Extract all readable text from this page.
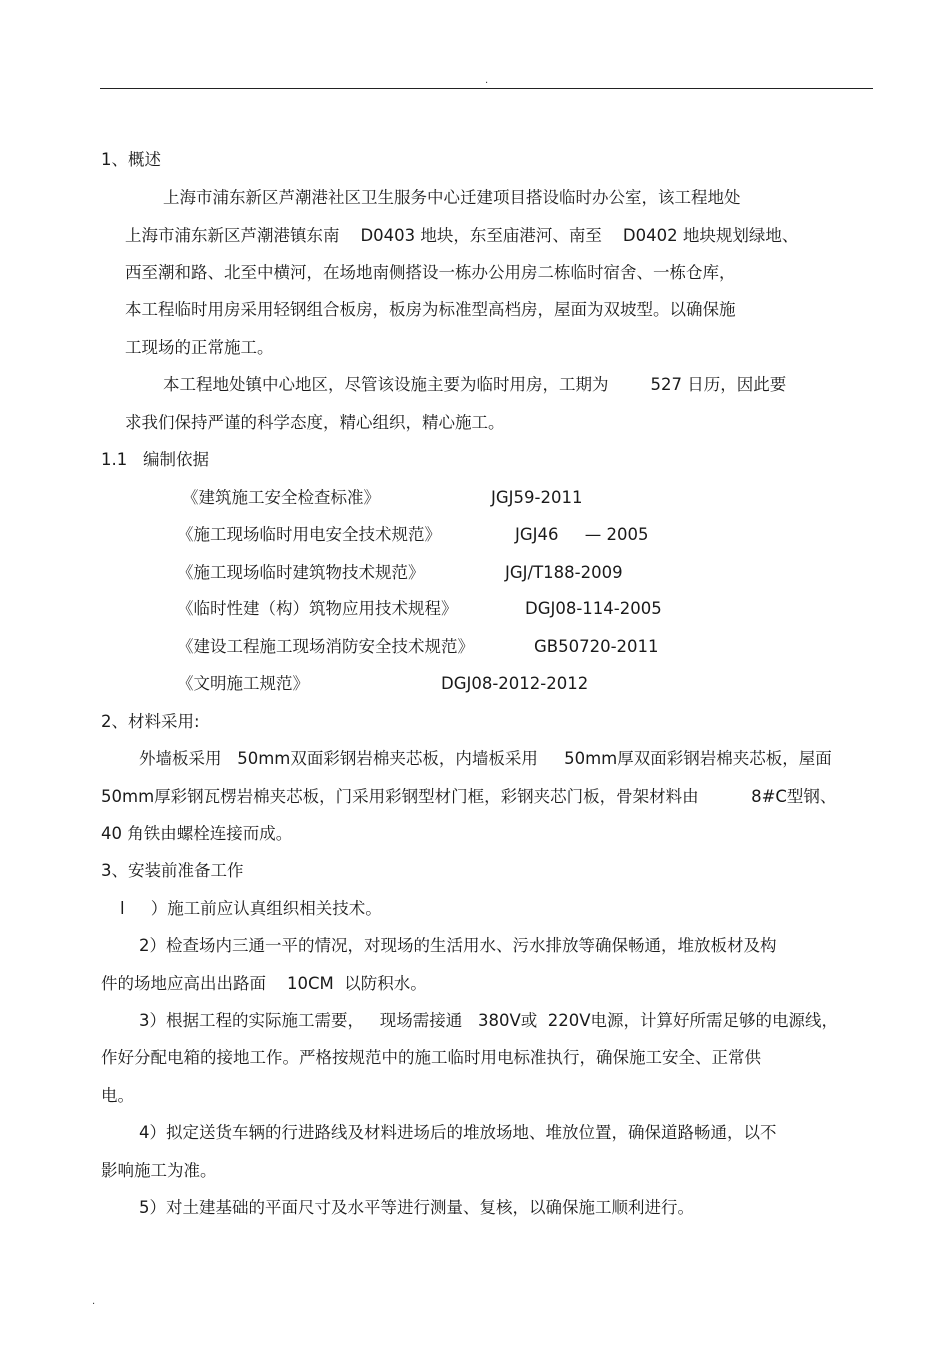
.
1、概述
上海市浦东新区芦潮港社区卫生服务中心迁建项目搭设临时办公室，该工程地处
上海市浦东新区芦潮港镇东南    D0403 地块，东至庙港河、南至    D0402 地块规划绿地、
西至潮和路、北至中横河，在场地南侧搭设一栋办公用房二栋临时宿舍、一栋仓库，
本工程临时用房采用轻钢组合板房，板房为标准型高档房，屋面为双坡型。以确保施
工现场的正常施工。
本工程地处镇中心地区，尽管该设施主要为临时用房，工期为        527 日历，因此要
求我们保持严谨的科学态度，精心组织，精心施工。
1.1   编制依据
《建筑施工安全检查标准》	JGJ59-2011
《施工现场临时用电安全技术规范》	JGJ46     — 2005
《施工现场临时建筑物技术规范》	JGJ/T188-2009
《临时性建（构）筑物应用技术规程》	DGJ08-114-2005
《建设工程施工现场消防安全技术规范》	GB50720-2011
《文明施工规范》	DGJ08-2012-2012
2、材料采用:
外墙板采用   50mm双面彩钢岩棉夹芯板，内墙板采用     50mm厚双面彩钢岩棉夹芯板，屋面
50mm厚彩钢瓦楞岩棉夹芯板，门采用彩钢型材门框，彩钢夹芯门板，骨架材料由          8#C型钢、
40 角铁由螺栓连接而成。
3、安装前准备工作
l     ）施工前应认真组织相关技术。
2）检查场内三通一平的情况，对现场的生活用水、污水排放等确保畅通，堆放板材及构
件的场地应高出出路面    10CM  以防积水。
3）根据工程的实际施工需要，   现场需接通   380V或  220V电源，计算好所需足够的电源线，
作好分配电箱的接地工作。严格按规范中的施工临时用电标准执行，确保施工安全、正常供
电。
4）拟定送货车辆的行进路线及材料进场后的堆放场地、堆放位置，确保道路畅通，以不
影响施工为准。
5）对土建基础的平面尺寸及水平等进行测量、复核，以确保施工顺利进行。
.
